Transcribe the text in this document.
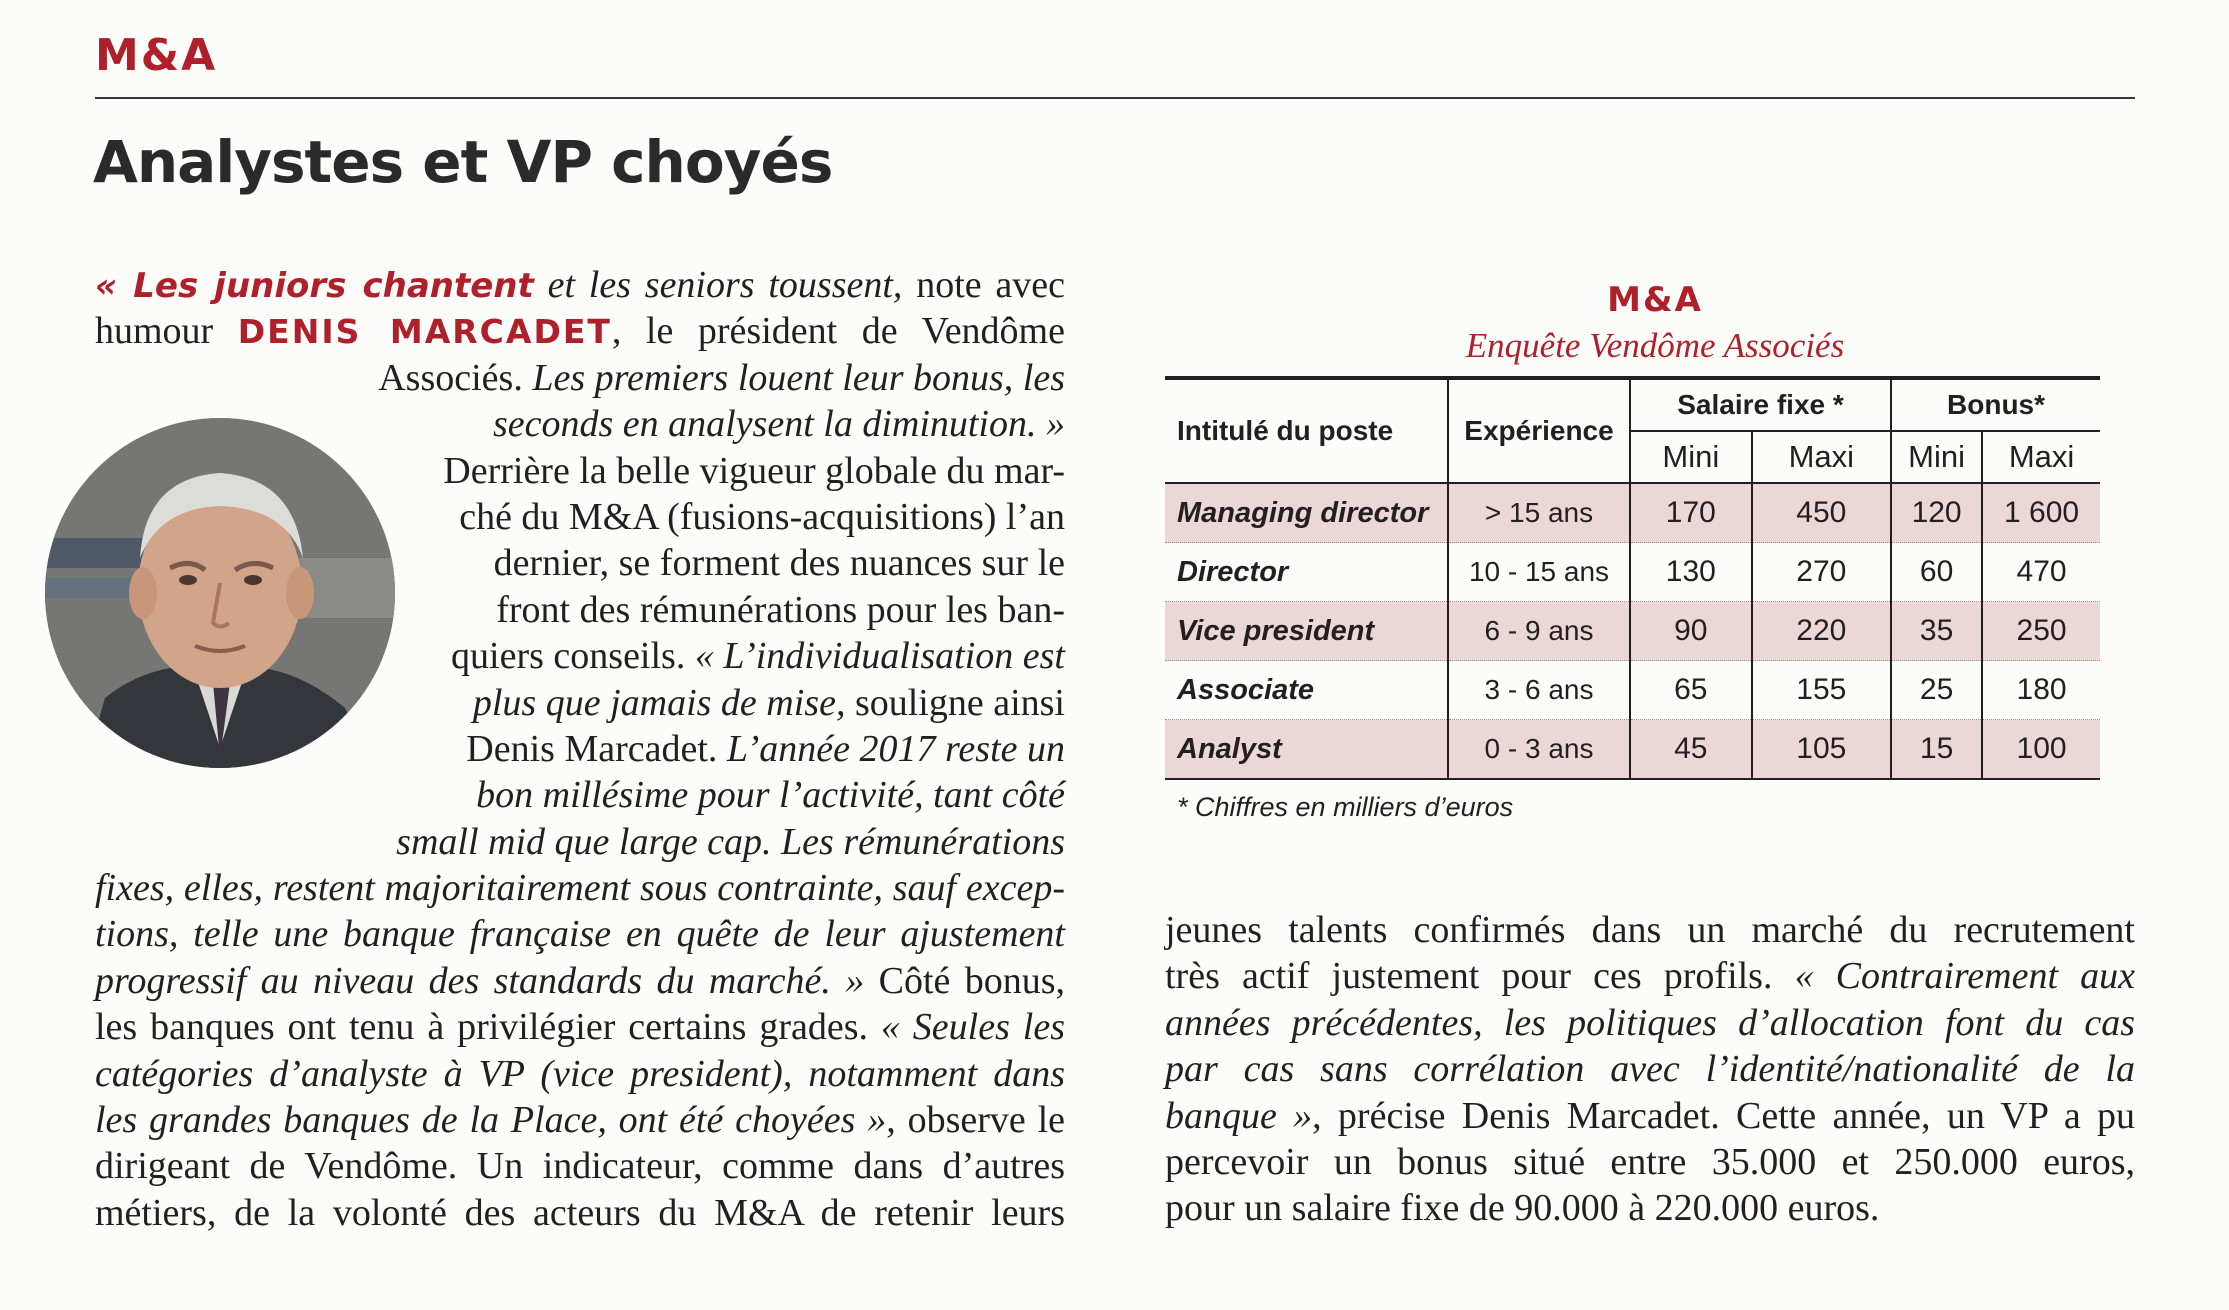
M&A
Analystes et VP choyés
« Les juniors chantent et les seniors toussent, note avec
humour DENIS MARCADET, le président de Vendôme
Associés. Les premiers louent leur bonus, les
seconds en analysent la diminution. »
Derrière la belle vigueur globale du mar-
ché du M&A (fusions-acquisitions) l’an
dernier, se forment des nuances sur le
front des rémunérations pour les ban-
quiers conseils. « L’individualisation est
plus que jamais de mise, souligne ainsi
Denis Marcadet. L’année 2017 reste un
bon millésime pour l’activité, tant côté
small mid que large cap. Les rémunérations
fixes, elles, restent majoritairement sous contrainte, sauf excep-
tions, telle une banque française en quête de leur ajustement
progressif au niveau des standards du marché. » Côté bonus,
les banques ont tenu à privilégier certains grades. « Seules les
catégories d’analyste à VP (vice president), notamment dans
les grandes banques de la Place, ont été choyées », observe le
dirigeant de Vendôme. Un indicateur, comme dans d’autres
métiers, de la volonté des acteurs du M&A de retenir leurs
M&A
Enquête Vendôme Associés
Intitulé du poste	Expérience	Salaire fixe *		Bonus*	
		Mini	Maxi	Mini	Maxi
Managing director	> 15 ans	170	450	120	1 600
Director	10 - 15 ans	130	270	60	470
Vice president	6 - 9 ans	90	220	35	250
Associate	3 - 6 ans	65	155	25	180
Analyst	0 - 3 ans	45	105	15	100
* Chiffres en milliers d’euros
jeunes talents confirmés dans un marché du recrutement
très actif justement pour ces profils. « Contrairement aux
années précédentes, les politiques d’allocation font du cas
par cas sans corrélation avec l’identité/nationalité de la
banque », précise Denis Marcadet. Cette année, un VP a pu
percevoir un bonus situé entre 35.000 et 250.000 euros,
pour un salaire fixe de 90.000 à 220.000 euros.
